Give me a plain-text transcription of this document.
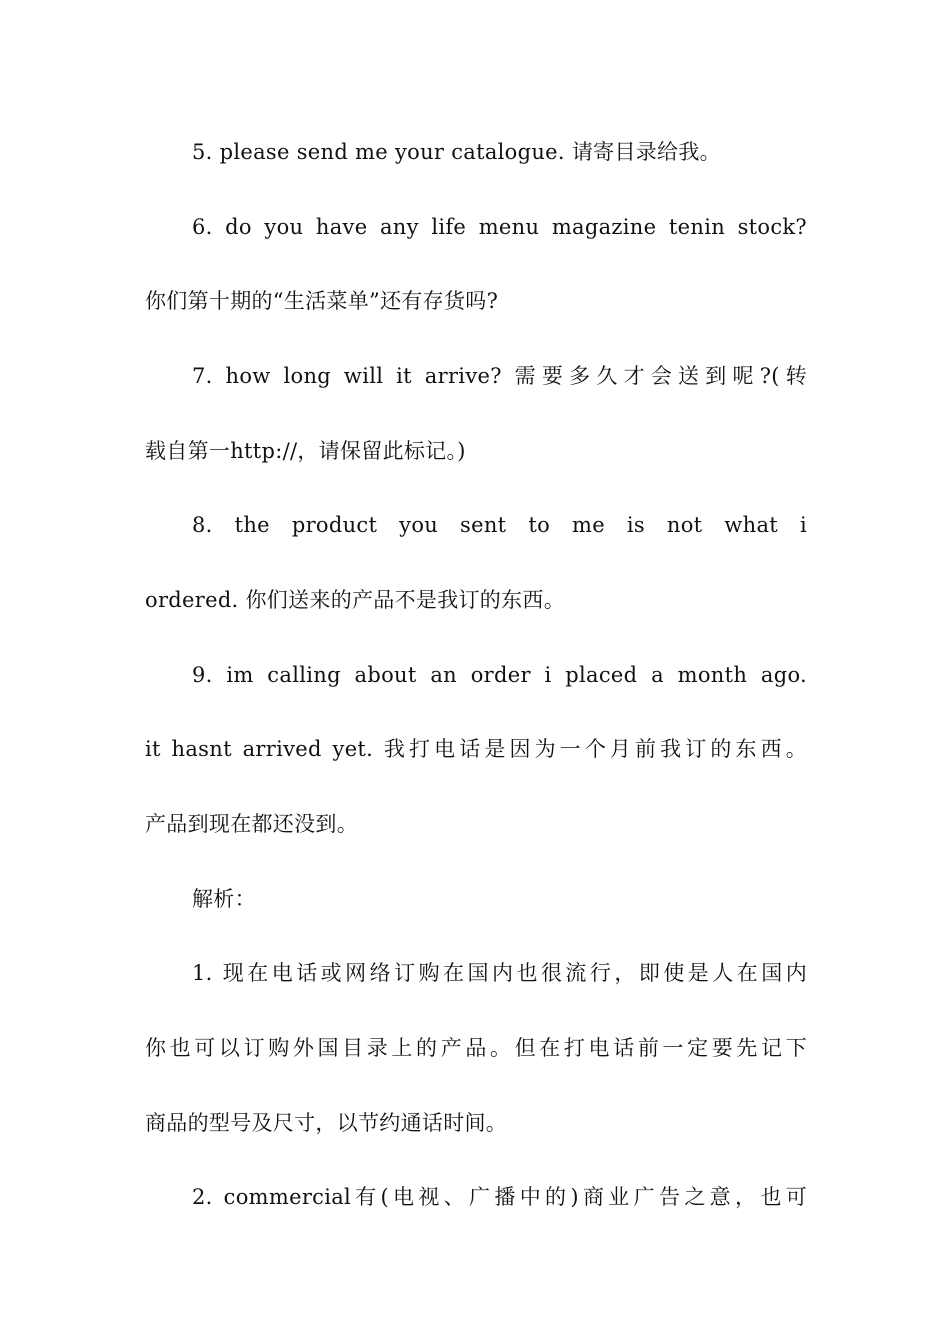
5. please send me your catalogue. 请寄目录给我。
6. do you have any life menu magazine tenin stock?
你们第十期的“生活菜单”还有存货吗?
7. how long will it arrive? 需要多久才会送到呢?(转
载自第一http://，请保留此标记。)
8. the product you sent to me is not what i
ordered. 你们送来的产品不是我订的东西。
9. im calling about an order i placed a month ago.
it hasnt arrived yet. 我打电话是因为一个月前我订的东西。
产品到现在都还没到。
解析：
1. 现在电话或网络订购在国内也很流行，即使是人在国内
你也可以订购外国目录上的产品。但在打电话前一定要先记下
商品的型号及尺寸，以节约通话时间。
2. commercial有(电视、广播中的)商业广告之意，也可
